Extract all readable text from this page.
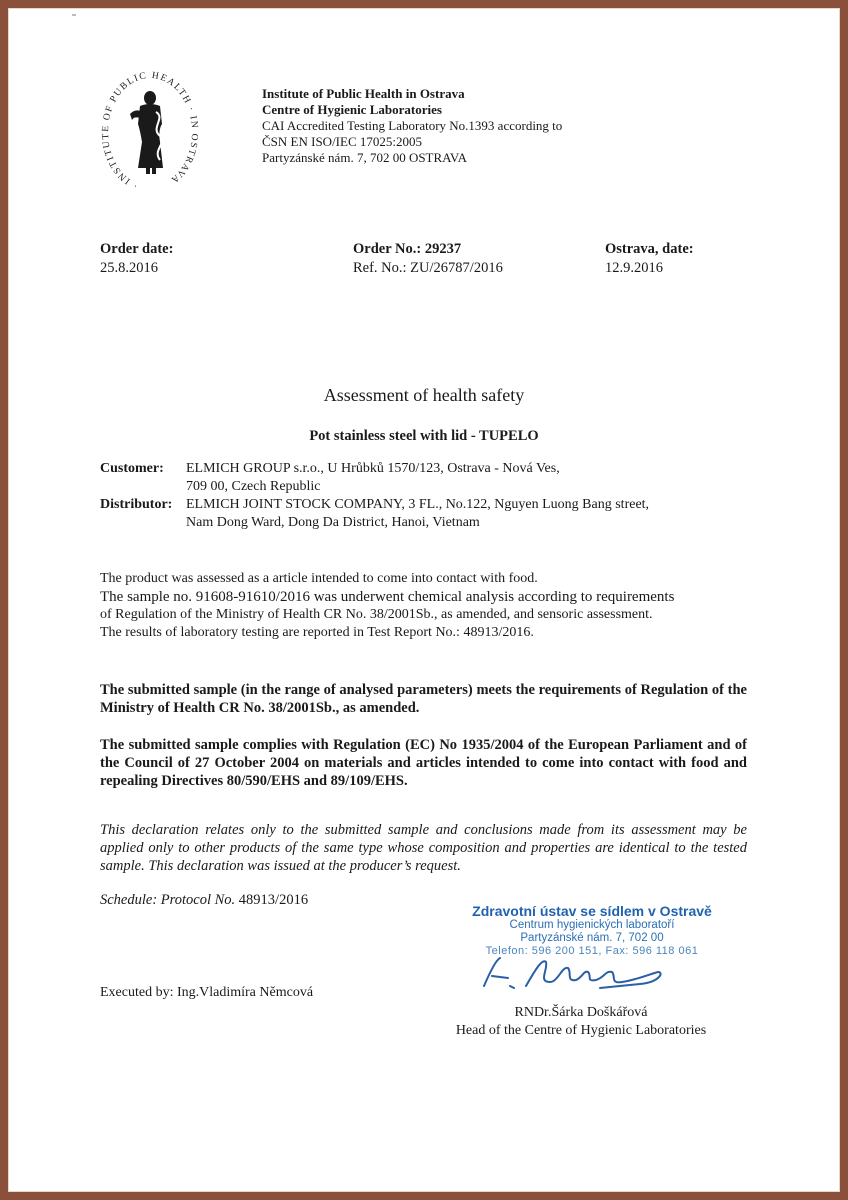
· INSTITUTE OF PUBLIC HEALTH · IN OSTRAVA
Institute of Public Health in Ostrava
Centre of Hygienic Laboratories
CAI Accredited Testing Laboratory No.1393 according to
ČSN EN ISO/IEC 17025:2005
Partyzánské nám. 7, 702 00 OSTRAVA
Order date:
25.8.2016
Order No.: 29237
Ref. No.: ZU/26787/2016
Ostrava, date:
12.9.2016
Assessment of health safety
Pot stainless steel with lid - TUPELO
Customer:	ELMICH GROUP s.r.o., U Hrůbků 1570/123, Ostrava - Nová Ves,
709 00, Czech Republic
Distributor: ELMICH JOINT STOCK COMPANY, 3 FL., No.122, Nguyen Luong Bang street,
Nam Dong Ward, Dong Da District, Hanoi, Vietnam
The product was assessed as a article intended to come into contact with food.
The sample no. 91608-91610/2016 was underwent chemical analysis according to requirements
of Regulation of the Ministry of Health CR No. 38/2001Sb., as amended, and sensoric assessment.
The results of laboratory testing are reported in Test Report No.: 48913/2016.
The submitted sample (in the range of analysed parameters) meets the requirements of Regulation of the Ministry of Health CR No. 38/2001Sb., as amended.
The submitted sample complies with Regulation (EC) No 1935/2004 of the European Parliament and of the Council of 27 October 2004 on materials and articles intended to come into contact with food and repealing Directives 80/590/EHS and 89/109/EHS.
This declaration relates only to the submitted sample and conclusions made from its assessment may be applied only to other products of the same type whose composition and properties are identical to the tested sample. This declaration was issued at the producer’s request.
Schedule: Protocol No. 48913/2016
Zdravotní ústav se sídlem v Ostravě
Centrum hygienických laboratoří
Partyzánské nám. 7, 702 00
Telefon: 596 200 151, Fax: 596 118 061
Executed by: Ing.Vladimíra Němcová
RNDr.Šárka Doškářová
Head of the Centre of Hygienic Laboratories
